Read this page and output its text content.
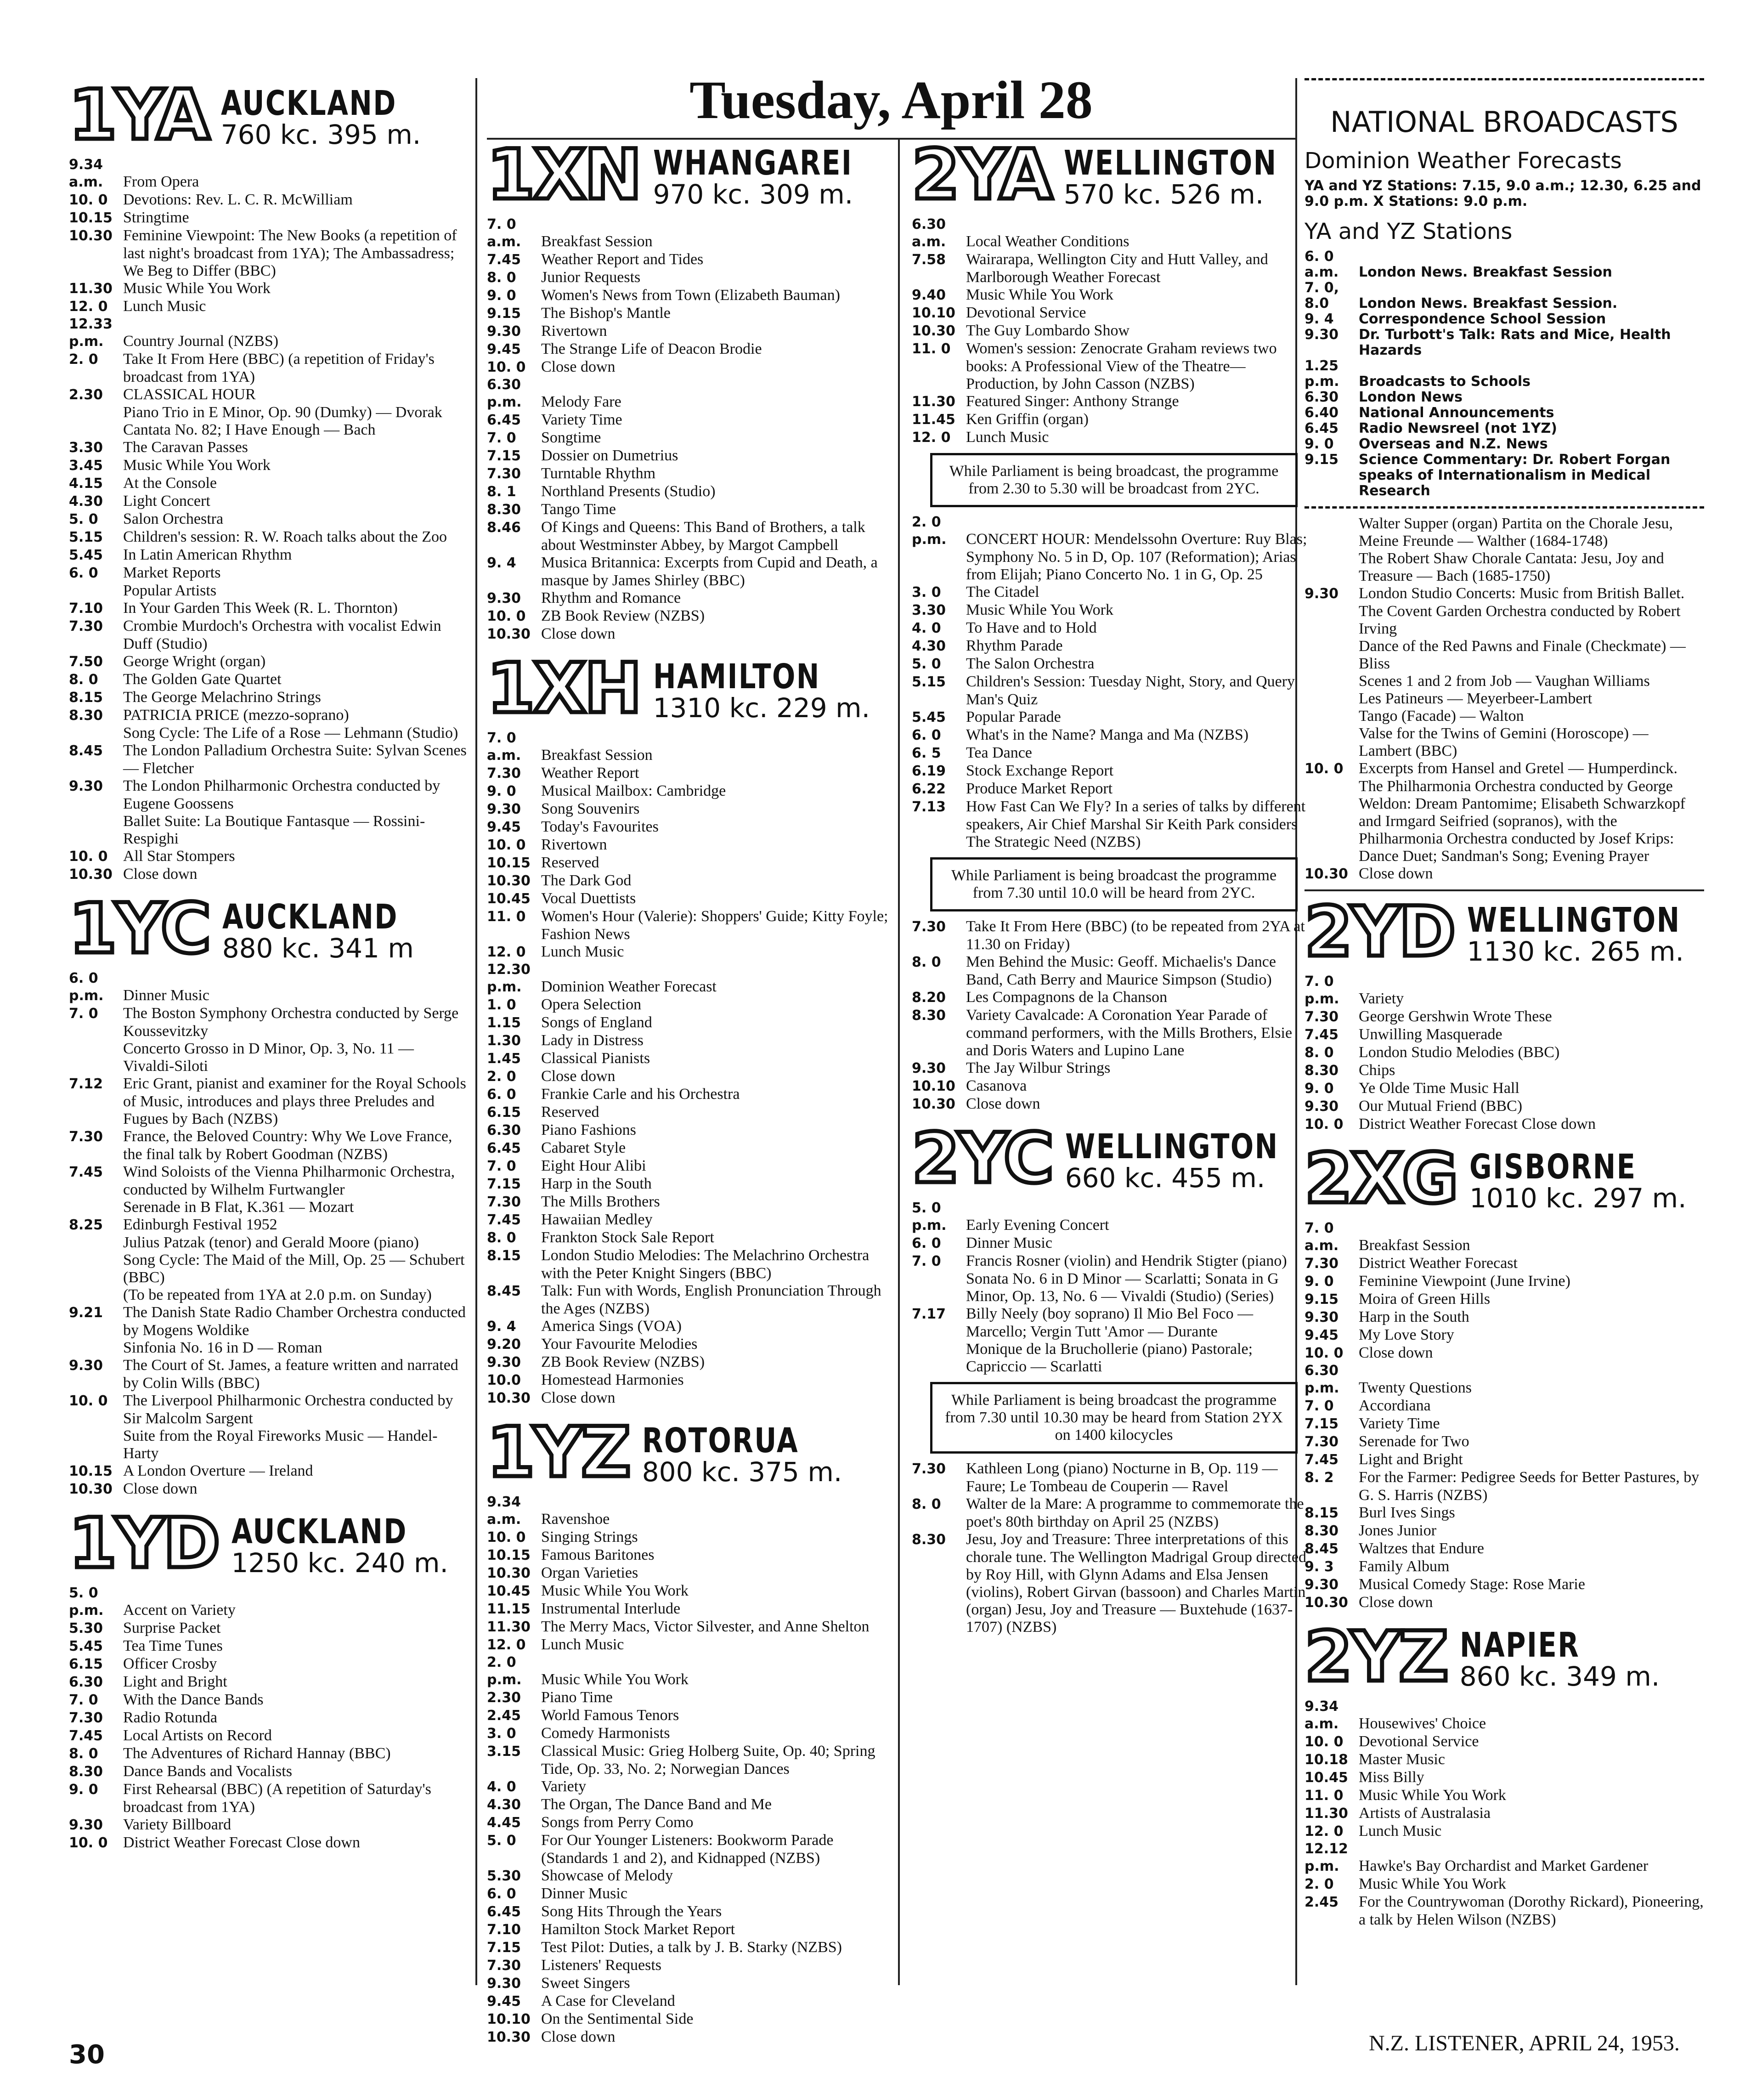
Tuesday, April 28
1YA AUCKLAND
760 kc. 395 m.
9.34 a.m. From Opera
10. 0 Devotions: Rev. L. C. R. McWilliam
10.15 Stringtime
10.30 Feminine Viewpoint: The New Books (a repetition of last night's broadcast from 1YA); The Ambassadress; We Beg to Differ (BBC)
11.30 Music While You Work
12. 0 Lunch Music
12.33 p.m. Country Journal (NZBS)
2. 0 Take It From Here (BBC) (a repetition of Friday's broadcast from 1YA)
2.30 CLASSICAL HOUR
Piano Trio in E Minor, Op. 90 (Dumky) — Dvorak
Cantata No. 82; I Have Enough — Bach
3.30 The Caravan Passes
3.45 Music While You Work
4.15 At the Console
4.30 Light Concert
5. 0 Salon Orchestra
5.15 Children's session: R. W. Roach talks about the Zoo
5.45 In Latin American Rhythm
6. 0 Market Reports
Popular Artists
7.10 In Your Garden This Week (R. L. Thornton)
7.30 Crombie Murdoch's Orchestra with vocalist Edwin Duff (Studio)
7.50 George Wright (organ)
8. 0 The Golden Gate Quartet
8.15 The George Melachrino Strings
8.30 PATRICIA PRICE (mezzo-soprano)
Song Cycle: The Life of a Rose — Lehmann (Studio)
8.45 The London Palladium Orchestra Suite: Sylvan Scenes — Fletcher
9.30 The London Philharmonic Orchestra conducted by Eugene Goossens
Ballet Suite: La Boutique Fantasque — Rossini-Respighi
10. 0 All Star Stompers
10.30 Close down
1YC AUCKLAND
880 kc. 341 m
6. 0 p.m. Dinner Music
7. 0 The Boston Symphony Orchestra conducted by Serge Koussevitzky
Concerto Grosso in D Minor, Op. 3, No. 11 — Vivaldi-Siloti
7.12 Eric Grant, pianist and examiner for the Royal Schools of Music, introduces and plays three Preludes and Fugues by Bach (NZBS)
7.30 France, the Beloved Country: Why We Love France, the final talk by Robert Goodman (NZBS)
7.45 Wind Soloists of the Vienna Philharmonic Orchestra, conducted by Wilhelm Furtwangler
Serenade in B Flat, K.361 — Mozart
8.25 Edinburgh Festival 1952
Julius Patzak (tenor) and Gerald Moore (piano)
Song Cycle: The Maid of the Mill, Op. 25 — Schubert (BBC)
(To be repeated from 1YA at 2.0 p.m. on Sunday)
9.21 The Danish State Radio Chamber Orchestra conducted by Mogens Woldike
Sinfonia No. 16 in D — Roman
9.30 The Court of St. James, a feature written and narrated by Colin Wills (BBC)
10. 0 The Liverpool Philharmonic Orchestra conducted by Sir Malcolm Sargent
Suite from the Royal Fireworks Music — Handel-Harty
10.15 A London Overture — Ireland
10.30 Close down
1YD AUCKLAND
1250 kc. 240 m.
5. 0 p.m. Accent on Variety
5.30 Surprise Packet
5.45 Tea Time Tunes
6.15 Officer Crosby
6.30 Light and Bright
7. 0 With the Dance Bands
7.30 Radio Rotunda
7.45 Local Artists on Record
8. 0 The Adventures of Richard Hannay (BBC)
8.30 Dance Bands and Vocalists
9. 0 First Rehearsal (BBC) (A repetition of Saturday's broadcast from 1YA)
9.30 Variety Billboard
10. 0 District Weather Forecast Close down
1XN WHANGAREI
970 kc. 309 m.
7. 0 a.m. Breakfast Session
7.45 Weather Report and Tides
8. 0 Junior Requests
9. 0 Women's News from Town (Elizabeth Bauman)
9.15 The Bishop's Mantle
9.30 Rivertown
9.45 The Strange Life of Deacon Brodie
10. 0 Close down
6.30 p.m. Melody Fare
6.45 Variety Time
7. 0 Songtime
7.15 Dossier on Dumetrius
7.30 Turntable Rhythm
8. 1 Northland Presents (Studio)
8.30 Tango Time
8.46 Of Kings and Queens: This Band of Brothers, a talk about Westminster Abbey, by Margot Campbell
9. 4 Musica Britannica: Excerpts from Cupid and Death, a masque by James Shirley (BBC)
9.30 Rhythm and Romance
10. 0 ZB Book Review (NZBS)
10.30 Close down
1XH HAMILTON
1310 kc. 229 m.
7. 0 a.m. Breakfast Session
7.30 Weather Report
9. 0 Musical Mailbox: Cambridge
9.30 Song Souvenirs
9.45 Today's Favourites
10. 0 Rivertown
10.15 Reserved
10.30 The Dark God
10.45 Vocal Duettists
11. 0 Women's Hour (Valerie): Shoppers' Guide; Kitty Foyle; Fashion News
12. 0 Lunch Music
12.30 p.m. Dominion Weather Forecast
1. 0 Opera Selection
1.15 Songs of England
1.30 Lady in Distress
1.45 Classical Pianists
2. 0 Close down
6. 0 Frankie Carle and his Orchestra
6.15 Reserved
6.30 Piano Fashions
6.45 Cabaret Style
7. 0 Eight Hour Alibi
7.15 Harp in the South
7.30 The Mills Brothers
7.45 Hawaiian Medley
8. 0 Frankton Stock Sale Report
8.15 London Studio Melodies: The Melachrino Orchestra with the Peter Knight Singers (BBC)
8.45 Talk: Fun with Words, English Pronunciation Through the Ages (NZBS)
9. 4 America Sings (VOA)
9.20 Your Favourite Melodies
9.30 ZB Book Review (NZBS)
10.0 Homestead Harmonies
10.30 Close down
1YZ ROTORUA
800 kc. 375 m.
9.34 a.m. Ravenshoe
10. 0 Singing Strings
10.15 Famous Baritones
10.30 Organ Varieties
10.45 Music While You Work
11.15 Instrumental Interlude
11.30 The Merry Macs, Victor Silvester, and Anne Shelton
12. 0 Lunch Music
2. 0 p.m. Music While You Work
2.30 Piano Time
2.45 World Famous Tenors
3. 0 Comedy Harmonists
3.15 Classical Music: Grieg Holberg Suite, Op. 40; Spring Tide, Op. 33, No. 2; Norwegian Dances
4. 0 Variety
4.30 The Organ, The Dance Band and Me
4.45 Songs from Perry Como
5. 0 For Our Younger Listeners: Bookworm Parade (Standards 1 and 2), and Kidnapped (NZBS)
5.30 Showcase of Melody
6. 0 Dinner Music
6.45 Song Hits Through the Years
7.10 Hamilton Stock Market Report
7.15 Test Pilot: Duties, a talk by J. B. Starky (NZBS)
7.30 Listeners' Requests
9.30 Sweet Singers
9.45 A Case for Cleveland
10.10 On the Sentimental Side
10.30 Close down
2YA WELLINGTON
570 kc. 526 m.
6.30 a.m. Local Weather Conditions
7.58 Wairarapa, Wellington City and Hutt Valley, and Marlborough Weather Forecast
9.40 Music While You Work
10.10 Devotional Service
10.30 The Guy Lombardo Show
11. 0 Women's session: Zenocrate Graham reviews two books: A Professional View of the Theatre—Production, by John Casson (NZBS)
11.30 Featured Singer: Anthony Strange
11.45 Ken Griffin (organ)
12. 0 Lunch Music
While Parliament is being broadcast, the programme from 2.30 to 5.30 will be broadcast from 2YC.
2. 0 p.m. CONCERT HOUR: Mendelssohn Overture: Ruy Blas; Symphony No. 5 in D, Op. 107 (Reformation); Arias from Elijah; Piano Concerto No. 1 in G, Op. 25
3. 0 The Citadel
3.30 Music While You Work
4. 0 To Have and to Hold
4.30 Rhythm Parade
5. 0 The Salon Orchestra
5.15 Children's Session: Tuesday Night, Story, and Query Man's Quiz
5.45 Popular Parade
6. 0 What's in the Name? Manga and Ma (NZBS)
6. 5 Tea Dance
6.19 Stock Exchange Report
6.22 Produce Market Report
7.13 How Fast Can We Fly? In a series of talks by different speakers, Air Chief Marshal Sir Keith Park considers The Strategic Need (NZBS)
While Parliament is being broadcast the programme from 7.30 until 10.0 will be heard from 2YC.
7.30 Take It From Here (BBC) (to be repeated from 2YA at 11.30 on Friday)
8. 0 Men Behind the Music: Geoff. Michaelis's Dance Band, Cath Berry and Maurice Simpson (Studio)
8.20 Les Compagnons de la Chanson
8.30 Variety Cavalcade: A Coronation Year Parade of command performers, with the Mills Brothers, Elsie and Doris Waters and Lupino Lane
9.30 The Jay Wilbur Strings
10.10 Casanova
10.30 Close down
2YC WELLINGTON
660 kc. 455 m.
5. 0 p.m. Early Evening Concert
6. 0 Dinner Music
7. 0 Francis Rosner (violin) and Hendrik Stigter (piano) Sonata No. 6 in D Minor — Scarlatti; Sonata in G Minor, Op. 13, No. 6 — Vivaldi (Studio) (Series)
7.17 Billy Neely (boy soprano) Il Mio Bel Foco — Marcello; Vergin Tutt 'Amor — Durante
Monique de la Bruchollerie (piano) Pastorale; Capriccio — Scarlatti
While Parliament is being broadcast the programme from 7.30 until 10.30 may be heard from Station 2YX on 1400 kilocycles
7.30 Kathleen Long (piano) Nocturne in B, Op. 119 — Faure; Le Tombeau de Couperin — Ravel
8. 0 Walter de la Mare: A programme to commemorate the poet's 80th birthday on April 25 (NZBS)
8.30 Jesu, Joy and Treasure: Three interpretations of this chorale tune. The Wellington Madrigal Group directed by Roy Hill, with Glynn Adams and Elsa Jensen (violins), Robert Girvan (bassoon) and Charles Martin (organ) Jesu, Joy and Treasure — Buxtehude (1637-1707) (NZBS)
NATIONAL BROADCASTS
Dominion Weather Forecasts
YA and YZ Stations: 7.15, 9.0 a.m.; 12.30, 6.25 and 9.0 p.m. X Stations: 9.0 p.m.
YA and YZ Stations
6. 0 a.m. London News. Breakfast Session
7. 0, 8.0 London News. Breakfast Session.
9. 4 Correspondence School Session
9.30 Dr. Turbott's Talk: Rats and Mice, Health Hazards
1.25 p.m. Broadcasts to Schools
6.30 London News
6.40 National Announcements
6.45 Radio Newsreel (not 1YZ)
9. 0 Overseas and N.Z. News
9.15 Science Commentary: Dr. Robert Forgan speaks of Internationalism in Medical Research
Walter Supper (organ) Partita on the Chorale Jesu, Meine Freunde — Walther (1684-1748)
The Robert Shaw Chorale Cantata: Jesu, Joy and Treasure — Bach (1685-1750)
9.30 London Studio Concerts: Music from British Ballet. The Covent Garden Orchestra conducted by Robert Irving
Dance of the Red Pawns and Finale (Checkmate) — Bliss
Scenes 1 and 2 from Job — Vaughan Williams
Les Patineurs — Meyerbeer-Lambert
Tango (Facade) — Walton
Valse for the Twins of Gemini (Horoscope) — Lambert (BBC)
10. 0 Excerpts from Hansel and Gretel — Humperdinck. The Philharmonia Orchestra conducted by George Weldon: Dream Pantomime; Elisabeth Schwarzkopf and Irmgard Seifried (sopranos), with the Philharmonia Orchestra conducted by Josef Krips: Dance Duet; Sandman's Song; Evening Prayer
10.30 Close down
2YD WELLINGTON
1130 kc. 265 m.
7. 0 p.m. Variety
7.30 George Gershwin Wrote These
7.45 Unwilling Masquerade
8. 0 London Studio Melodies (BBC)
8.30 Chips
9. 0 Ye Olde Time Music Hall
9.30 Our Mutual Friend (BBC)
10. 0 District Weather Forecast Close down
2XG GISBORNE
1010 kc. 297 m.
7. 0 a.m. Breakfast Session
7.30 District Weather Forecast
9. 0 Feminine Viewpoint (June Irvine)
9.15 Moira of Green Hills
9.30 Harp in the South
9.45 My Love Story
10. 0 Close down
6.30 p.m. Twenty Questions
7. 0 Accordiana
7.15 Variety Time
7.30 Serenade for Two
7.45 Light and Bright
8. 2 For the Farmer: Pedigree Seeds for Better Pastures, by G. S. Harris (NZBS)
8.15 Burl Ives Sings
8.30 Jones Junior
8.45 Waltzes that Endure
9. 3 Family Album
9.30 Musical Comedy Stage: Rose Marie
10.30 Close down
2YZ NAPIER
860 kc. 349 m.
9.34 a.m. Housewives' Choice
10. 0 Devotional Service
10.18 Master Music
10.45 Miss Billy
11. 0 Music While You Work
11.30 Artists of Australasia
12. 0 Lunch Music
12.12 p.m. Hawke's Bay Orchardist and Market Gardener
2. 0 Music While You Work
2.45 For the Countrywoman (Dorothy Rickard), Pioneering, a talk by Helen Wilson (NZBS)
30	N.Z. LISTENER, APRIL 24, 1953.
